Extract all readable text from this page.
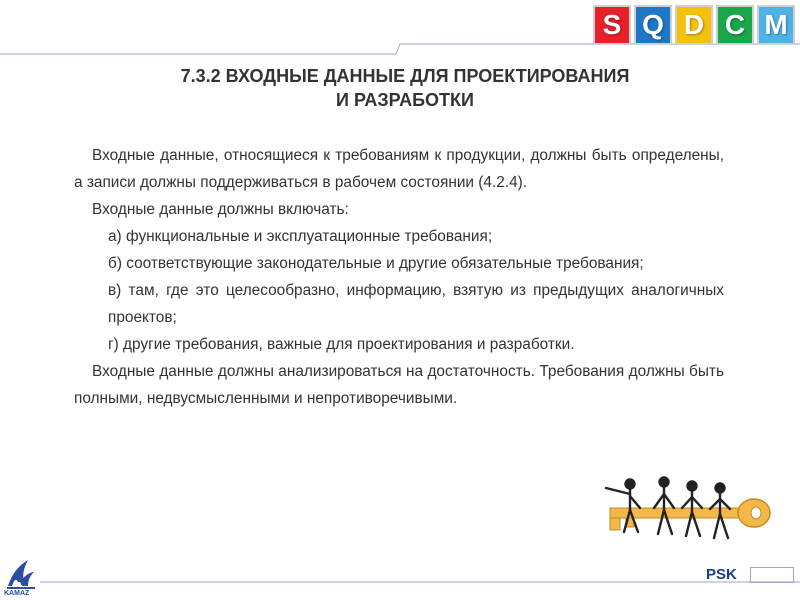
S Q D C M
7.3.2 ВХОДНЫЕ ДАННЫЕ ДЛЯ ПРОЕКТИРОВАНИЯ
И РАЗРАБОТКИ

Входные данные, относящиеся к требованиям к продукции, должны быть определены, а записи должны поддерживаться в рабочем состоянии (4.2.4).

Входные данные должны включать:

а) функциональные и эксплуатационные требования;

б) соответствующие законодательные и другие обязательные требования;

в) там, где это целесообразно, информацию, взятую из предыдущих аналогичных проектов;

г) другие требования, важные для проектирования и разработки.

Входные данные должны анализироваться на достаточность. Требования должны быть полными, недвусмысленными и непротиворечивыми.

KAMAZ
PSK
